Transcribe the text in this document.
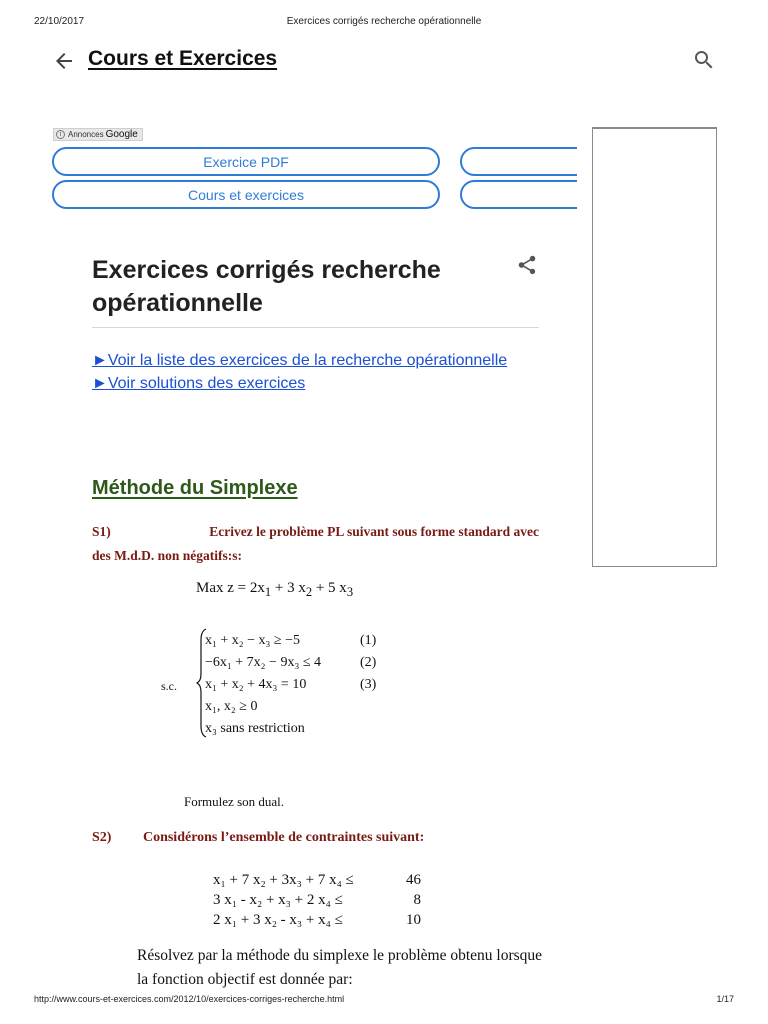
22/10/2017	Exercices corrigés recherche opérationnelle
Cours et Exercices
i Annonces Google
Exercice PDF
Cours et exercices
Exercices corrigés recherche opérationnelle
►Voir la liste des exercices de la recherche opérationnelle
►Voir solutions des exercices
Méthode du Simplexe
S1)	Ecrivez le problème PL suivant sous forme standard avec
des M.d.D. non négatifs:s:
Max $z = 2x_1 + 3$ $x_2 + 5$ $x_3$
s.c.
x₁ + x₂ − x₃ ≥ −5	(1)
−6x₁ + 7x₂ − 9x₃ ≤ 4	(2)
x₁ + x₂ + 4x₃ = 10	(3)
x₁, x₂ ≥ 0
x₃ sans restriction
Formulez son dual.
S2) Considérons l’ensemble de contraintes suivant:
x₁ + 7 x₂ + 3x₃ + 7 x₄ ≤	46
3 x₁ - x₂ + x₃ + 2 x₄ ≤	8
2 x₁ + 3 x₂ - x₃ + x₄ ≤	10

Résolvez par la méthode du simplexe le problème obtenu lorsque la fonction objectif est donnée par:

http://www.cours-et-exercices.com/2012/10/exercices-corriges-recherche.html	1/17
